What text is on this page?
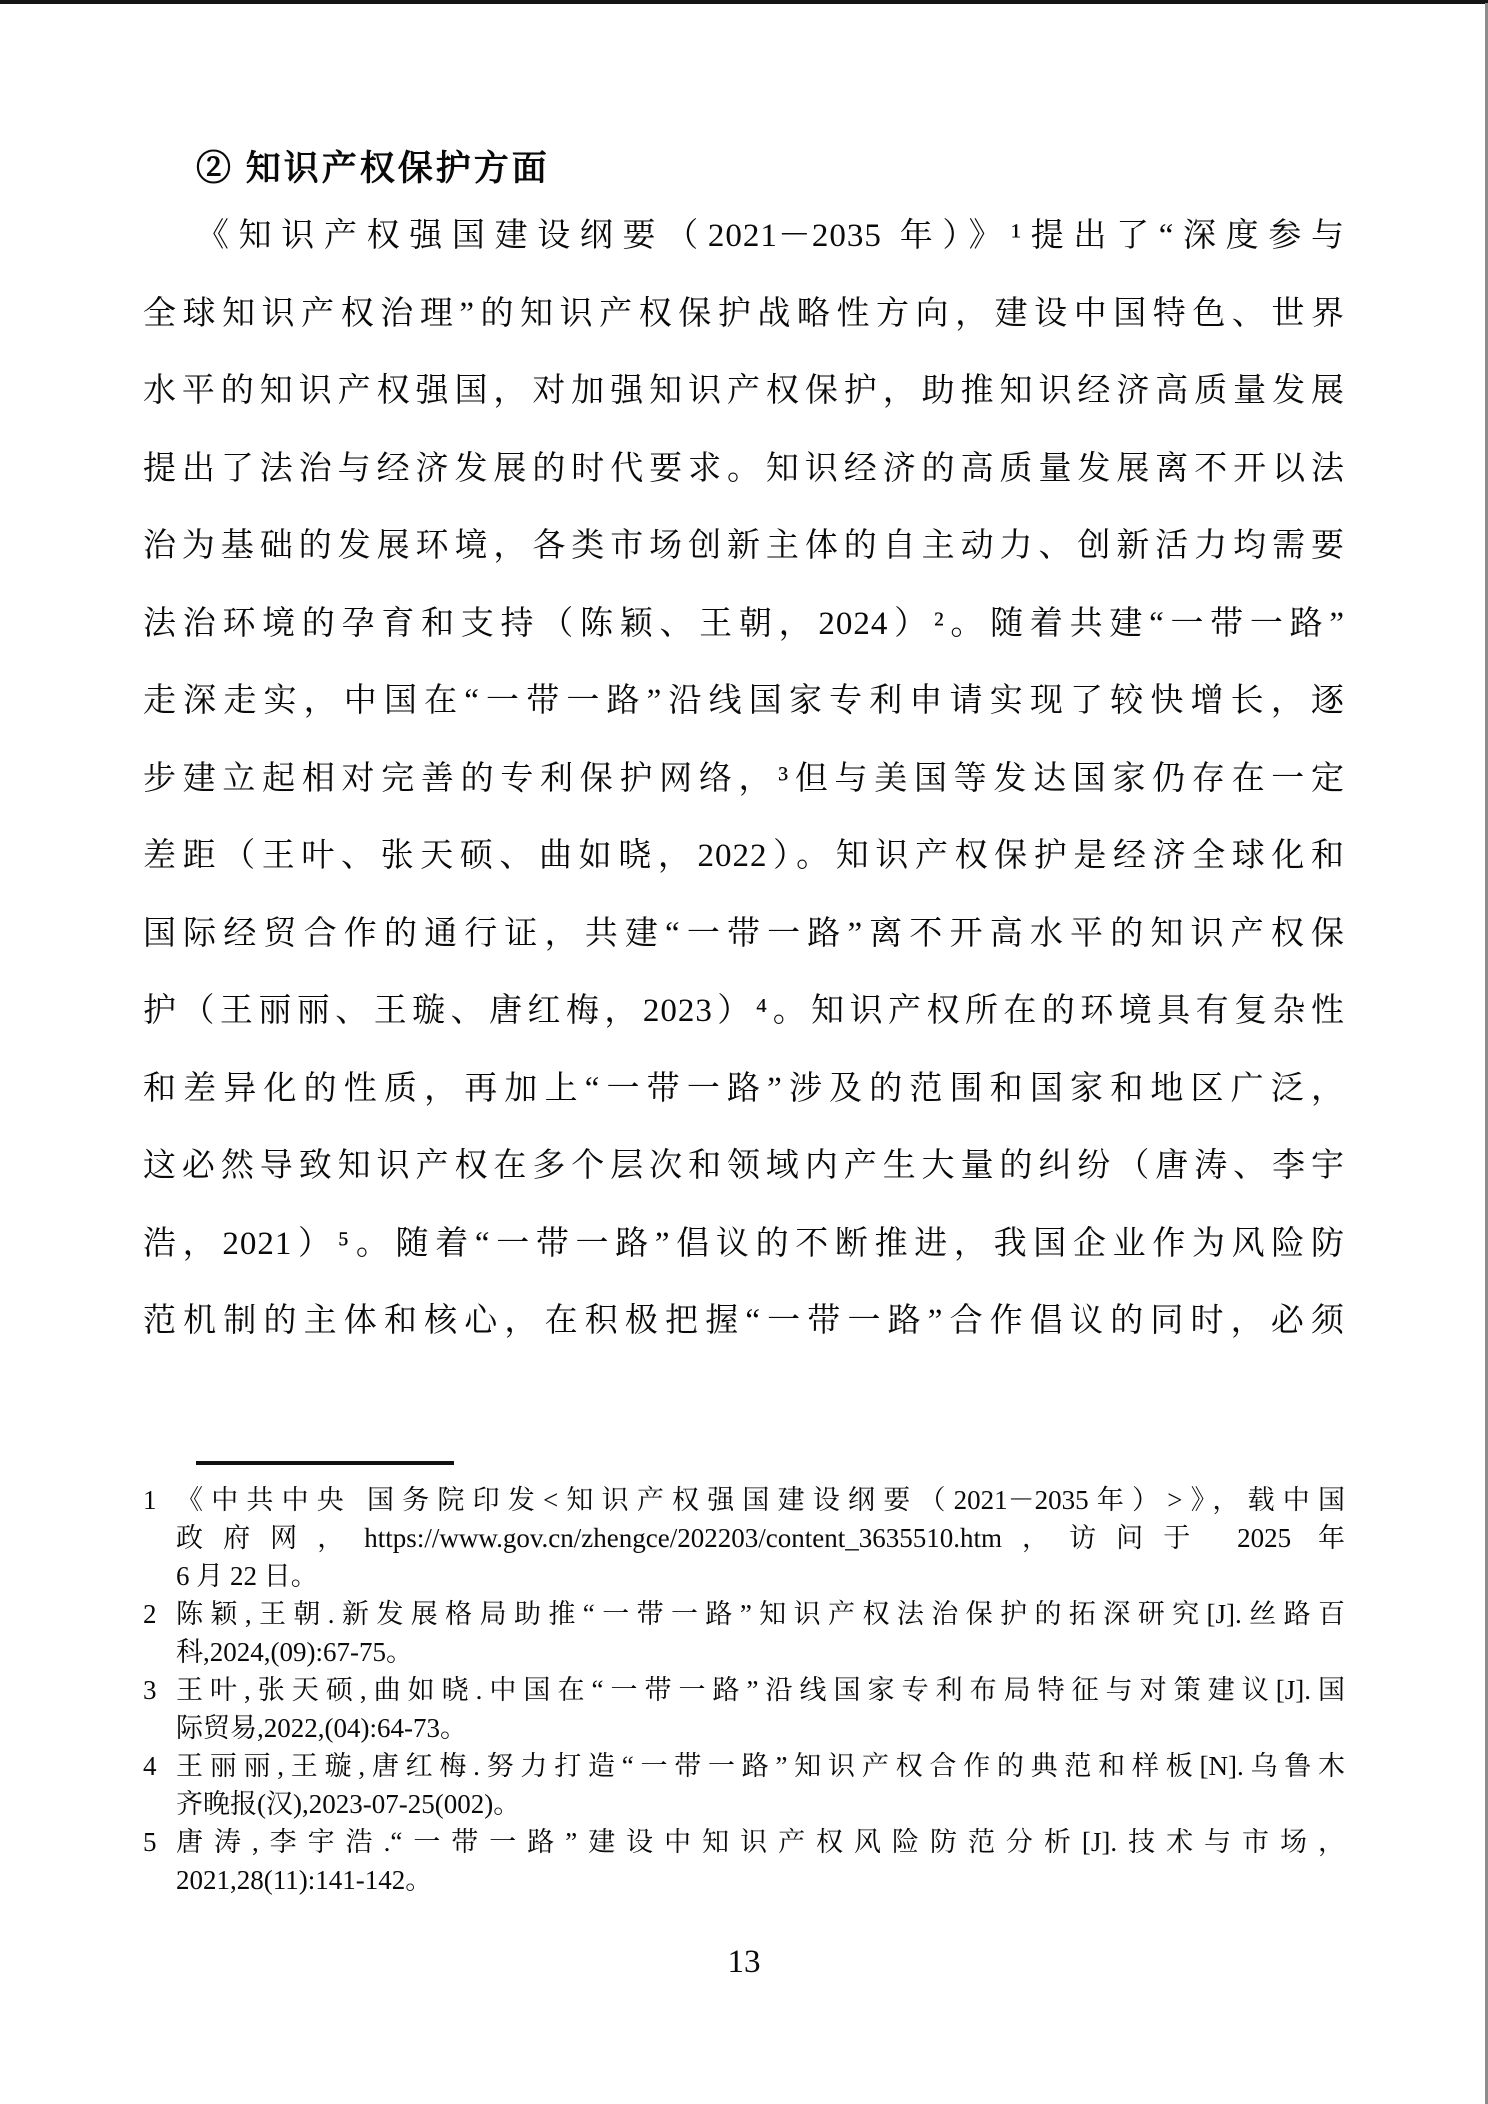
② 知识产权保护方面
《知识产权强国建设纲要（2021－2035 年）》¹提出了“深度参与
全球知识产权治理”的知识产权保护战略性方向，建设中国特色、世界
水平的知识产权强国，对加强知识产权保护，助推知识经济高质量发展
提出了法治与经济发展的时代要求。知识经济的高质量发展离不开以法
治为基础的发展环境，各类市场创新主体的自主动力、创新活力均需要
法治环境的孕育和支持（陈颖、王朝，2024）²。随着共建“一带一路”
走深走实，中国在“一带一路”沿线国家专利申请实现了较快增长，逐
步建立起相对完善的专利保护网络，³但与美国等发达国家仍存在一定
差距（王叶、张天硕、曲如晓，2022）。知识产权保护是经济全球化和
国际经贸合作的通行证，共建“一带一路”离不开高水平的知识产权保
护（王丽丽、王璇、唐红梅，2023）⁴。知识产权所在的环境具有复杂性
和差异化的性质，再加上“一带一路”涉及的范围和国家和地区广泛，
这必然导致知识产权在多个层次和领域内产生大量的纠纷（唐涛、李宇
浩，2021）⁵。随着“一带一路”倡议的不断推进，我国企业作为风险防
范机制的主体和核心，在积极把握“一带一路”合作倡议的同时，必须
1 《中共中央 国务院印发<知识产权强国建设纲要（2021－2035年）>》，载中国
政府网，https://www.gov.cn/zhengce/202203/content_3635510.htm，访问于 2025 年
6 月 22 日。
2 陈颖,王朝.新发展格局助推“一带一路”知识产权法治保护的拓深研究[J].丝路百
科,2024,(09):67-75。
3 王叶,张天硕,曲如晓.中国在“一带一路”沿线国家专利布局特征与对策建议[J].国
际贸易,2022,(04):64-73。
4 王丽丽,王璇,唐红梅.努力打造“一带一路”知识产权合作的典范和样板[N].乌鲁木
齐晚报(汉),2023-07-25(002)。
5 唐涛,李宇浩.“一带一路”建设中知识产权风险防范分析[J].技术与市场，
2021,28(11):141-142。
13
